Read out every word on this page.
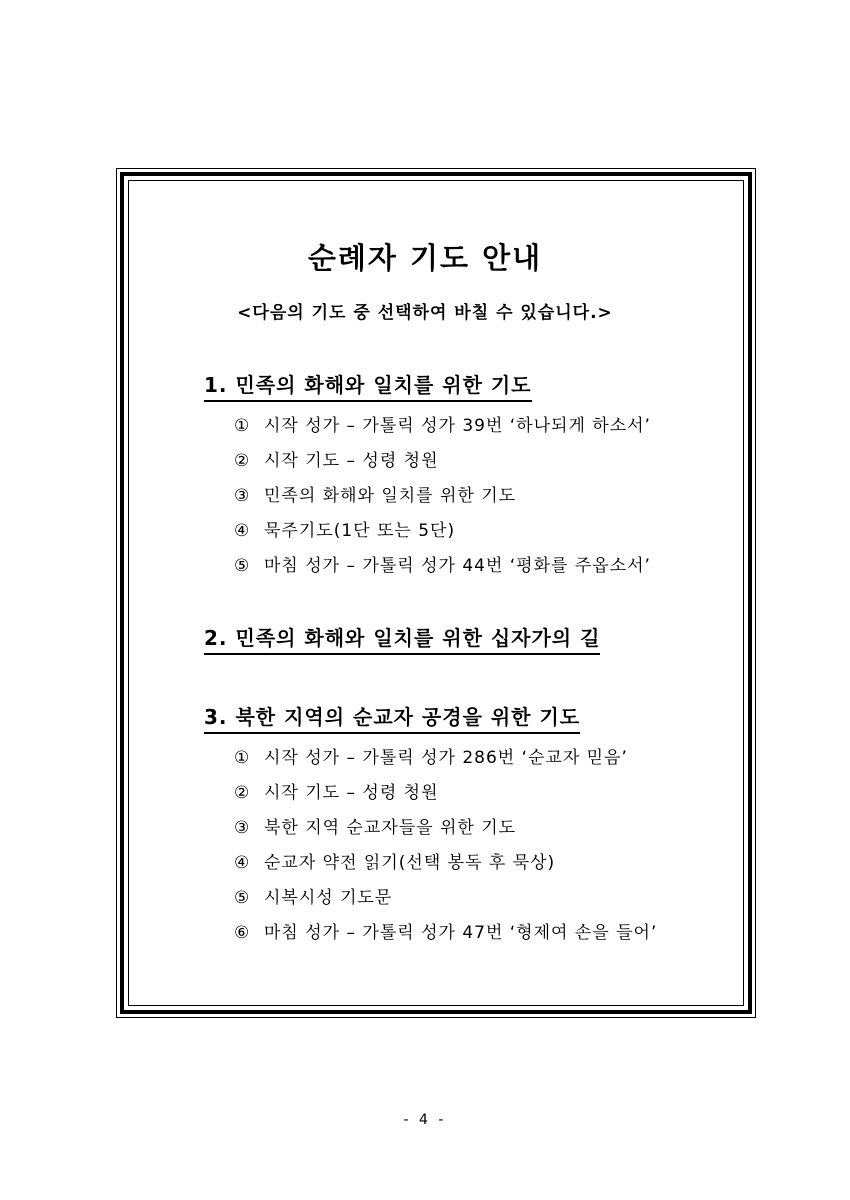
순례자 기도 안내

<다음의 기도 중 선택하여 바칠 수 있습니다.>

1. 민족의 화해와 일치를 위한 기도
① 시작 성가 – 가톨릭 성가 39번 ‘하나되게 하소서’
② 시작 기도 – 성령 청원
③ 민족의 화해와 일치를 위한 기도
④ 묵주기도(1단 또는 5단)
⑤ 마침 성가 – 가톨릭 성가 44번 ‘평화를 주옵소서’
2. 민족의 화해와 일치를 위한 십자가의 길
3. 북한 지역의 순교자 공경을 위한 기도
① 시작 성가 – 가톨릭 성가 286번 ‘순교자 믿음’
② 시작 기도 – 성령 청원
③ 북한 지역 순교자들을 위한 기도
④ 순교자 약전 읽기(선택 봉독 후 묵상)
⑤ 시복시성 기도문
⑥ 마침 성가 – 가톨릭 성가 47번 ‘형제여 손을 들어’
- 4 -
